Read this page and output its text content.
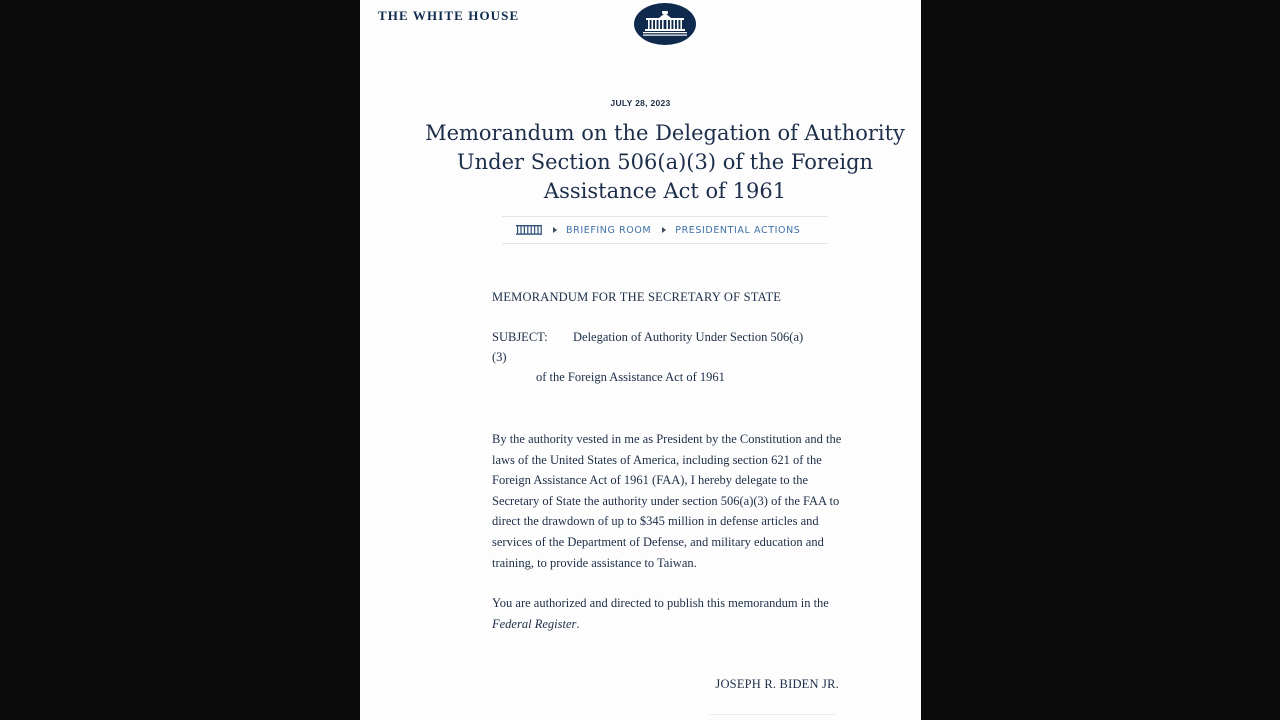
THE WHITE HOUSE
JULY 28, 2023
Memorandum on the Delegation of Authority Under Section 506(a)(3) of the Foreign Assistance Act of 1961
BRIEFING ROOM	PRESIDENTIAL ACTIONS

MEMORANDUM FOR THE SECRETARY OF STATE

SUBJECT: Delegation of Authority Under Section 506(a)
(3)

of the Foreign Assistance Act of 1961

By the authority vested in me as President by the Constitution and the laws of the United States of America, including section 621 of the Foreign Assistance Act of 1961 (FAA), I hereby delegate to the Secretary of State the authority under section 506(a)(3) of the FAA to direct the drawdown of up to $345 million in defense articles and services of the Department of Defense, and military education and training, to provide assistance to Taiwan.

You are authorized and directed to publish this memorandum in the Federal Register.

JOSEPH R. BIDEN JR.
